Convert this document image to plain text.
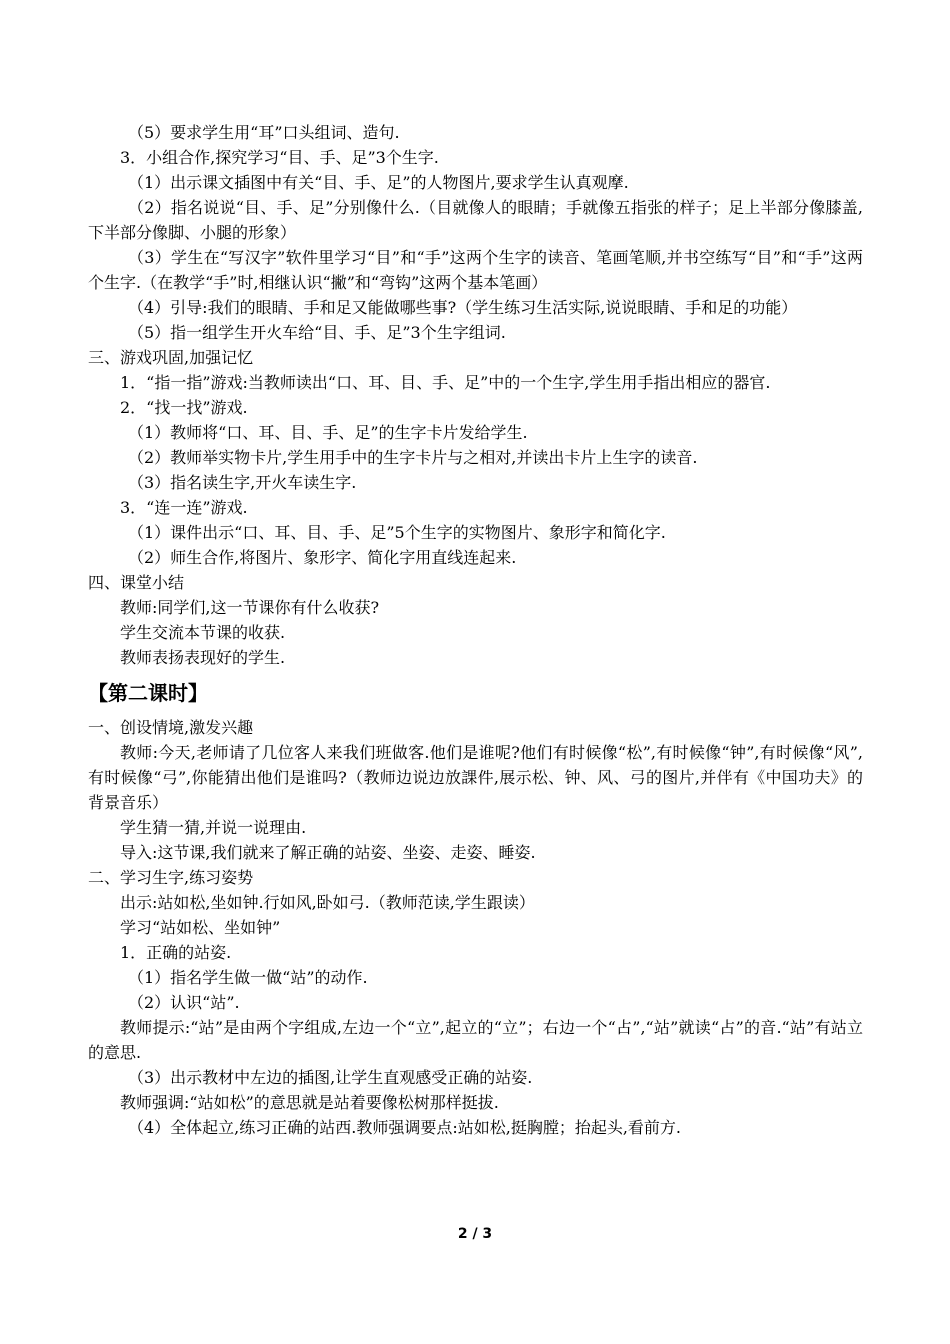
（5）要求学生用“耳”口头组词、造句.
3．小组合作,探究学习“目、手、足”3个生字.
（1）出示课文插图中有关“目、手、足”的人物图片,要求学生认真观摩.
（2）指名说说“目、手、足”分别像什么.（目就像人的眼睛；手就像五指张的样子；足上半部分像膝盖,下半部分像脚、小腿的形象）
（3）学生在“写汉字”软件里学习“目”和“手”这两个生字的读音、笔画笔顺,并书空练写“目”和“手”这两个生字.（在教学“手”时,相继认识“撇”和“弯钩”这两个基本笔画）
（4）引导:我们的眼睛、手和足又能做哪些事?（学生练习生活实际,说说眼睛、手和足的功能）
（5）指一组学生开火车给“目、手、足”3个生字组词.
三、游戏巩固,加强记忆
1．“指一指”游戏:当教师读出“口、耳、目、手、足”中的一个生字,学生用手指出相应的器官.
2．“找一找”游戏.
（1）教师将“口、耳、目、手、足”的生字卡片发给学生.
（2）教师举实物卡片,学生用手中的生字卡片与之相对,并读出卡片上生字的读音.
（3）指名读生字,开火车读生字.
3．“连一连”游戏.
（1）课件出示“口、耳、目、手、足”5个生字的实物图片、象形字和简化字.
（2）师生合作,将图片、象形字、简化字用直线连起来.
四、课堂小结
教师:同学们,这一节课你有什么收获?
学生交流本节课的收获.
教师表扬表现好的学生.
【第二课时】
一、创设情境,激发兴趣
教师:今天,老师请了几位客人来我们班做客.他们是谁呢?他们有时候像“松”,有时候像“钟”,有时候像“风”,有时候像“弓”,你能猜出他们是谁吗?（教师边说边放課件,展示松、钟、风、弓的图片,并伴有《中国功夫》的背景音乐）
学生猜一猜,并说一说理由.
导入:这节课,我们就来了解正确的站姿、坐姿、走姿、睡姿.
二、学习生字,练习姿势
出示:站如松,坐如钟.行如风,卧如弓.（教师范读,学生跟读）
学习“站如松、坐如钟”
1．正确的站姿.
（1）指名学生做一做“站”的动作.
（2）认识“站”.
教师提示:“站”是由两个字组成,左边一个“立”,起立的“立”；右边一个“占”,“站”就读“占”的音.“站”有站立的意思.
（3）出示教材中左边的插图,让学生直观感受正确的站姿.
教师强调:“站如松”的意思就是站着要像松树那样挺拔.
（4）全体起立,练习正确的站西.教师强调要点:站如松,挺胸膛；抬起头,看前方.
2 / 3
